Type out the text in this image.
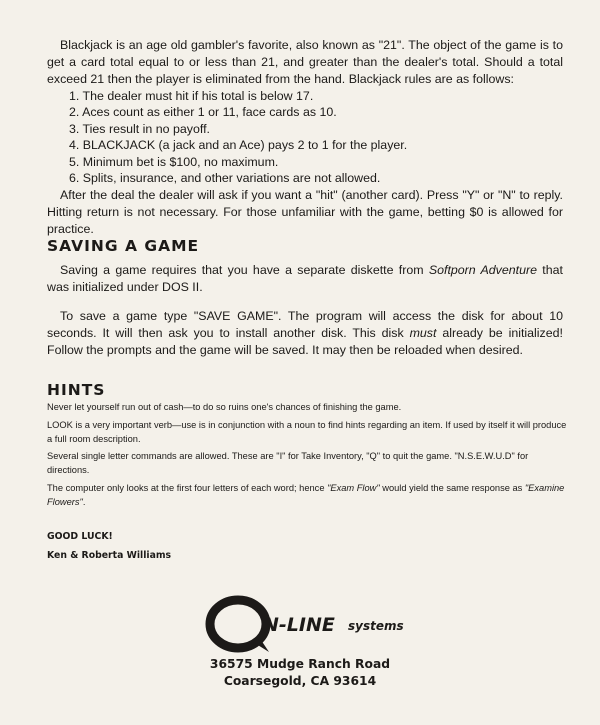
Blackjack is an age old gambler's favorite, also known as "21". The object of the game is to get a card total equal to or less than 21, and greater than the dealer's total. Should a total exceed 21 then the player is eliminated from the hand. Blackjack rules are as follows:

1. The dealer must hit if his total is below 17.
2. Aces count as either 1 or 11, face cards as 10.
3. Ties result in no payoff.
4. BLACKJACK (a jack and an Ace) pays 2 to 1 for the player.
5. Minimum bet is $100, no maximum.
6. Splits, insurance, and other variations are not allowed.

After the deal the dealer will ask if you want a "hit" (another card). Press "Y" or "N" to reply. Hitting return is not necessary. For those unfamiliar with the game, betting $0 is allowed for practice.

SAVING A GAME

Saving a game requires that you have a separate diskette from Softporn Adventure that was initialized under DOS II.

To save a game type "SAVE GAME". The program will access the disk for about 10 seconds. It will then ask you to install another disk. This disk must already be initialized! Follow the prompts and the game will be saved. It may then be reloaded when desired.

HINTS

Never let yourself run out of cash—to do so ruins one's chances of finishing the game.

LOOK is a very important verb—use is in conjunction with a noun to find hints regarding an item. If used by itself it will produce a full room description.

Several single letter commands are allowed. These are "I" for Take Inventory, "Q" to quit the game. "N.S.E.W.U.D" for directions.

The computer only looks at the first four letters of each word; hence "Exam Flow" would yield the same response as "Examine Flowers".

GOOD LUCK!

Ken & Roberta Williams

N-LINE systems
36575 Mudge Ranch Road
Coarsegold, CA 93614
